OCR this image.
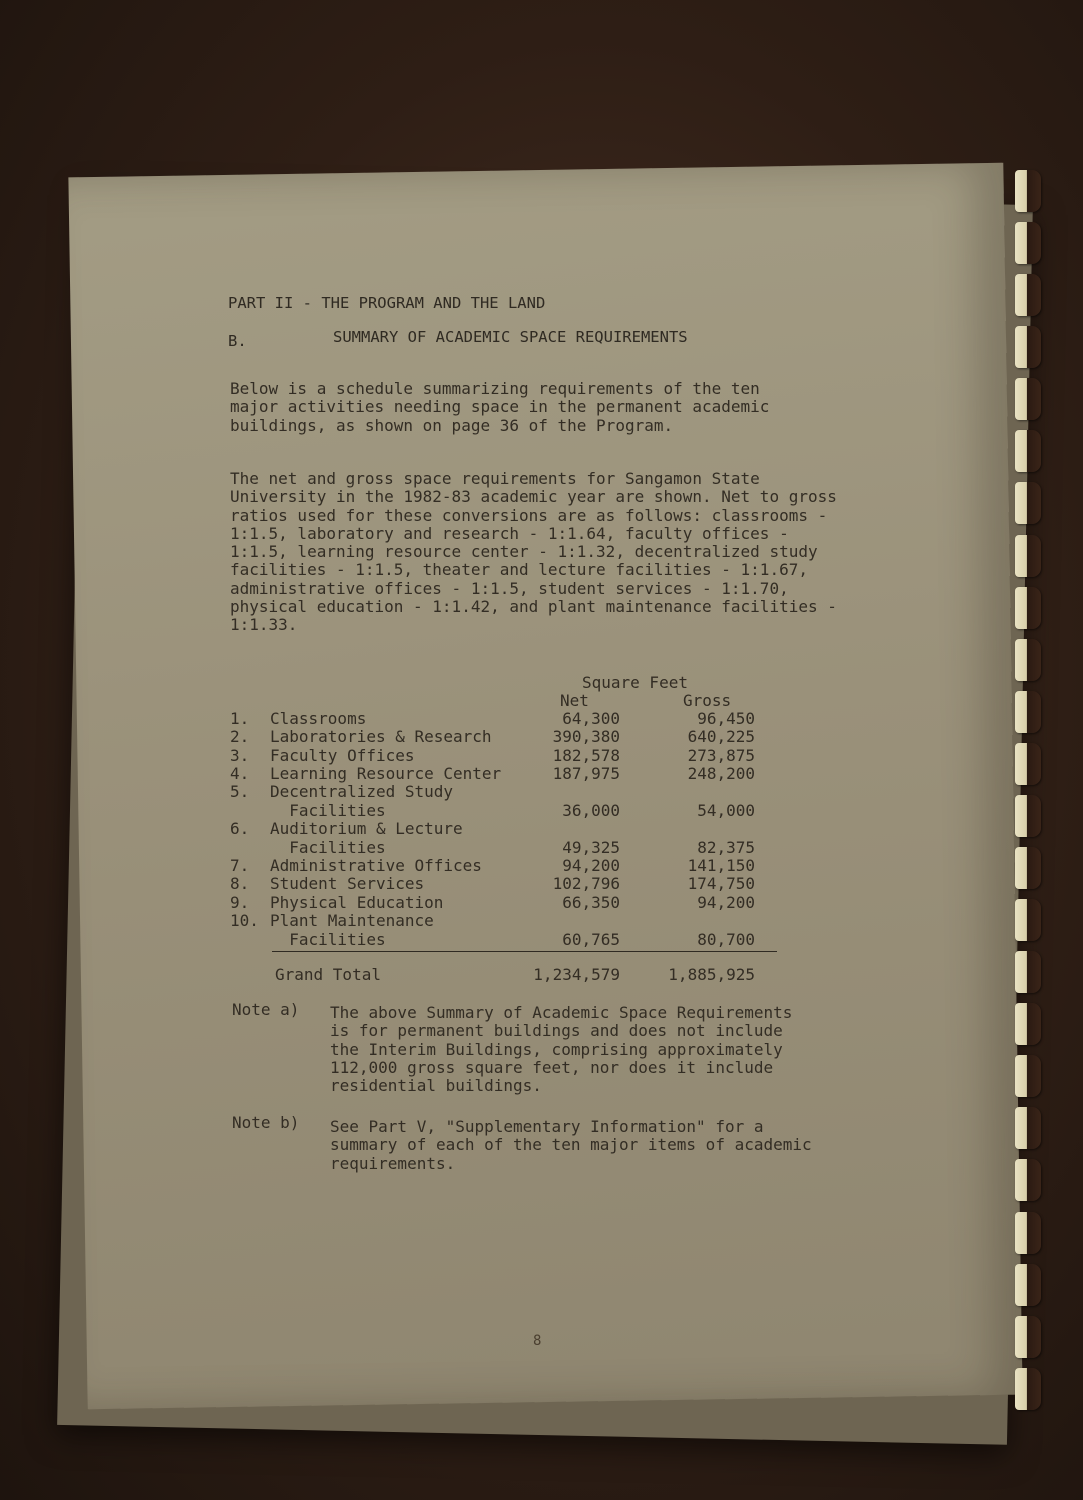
PART II - THE PROGRAM AND THE LAND
B.	SUMMARY OF ACADEMIC SPACE REQUIREMENTS
Below is a schedule summarizing requirements of the ten major activities needing space in the permanent academic buildings, as shown on page 36 of the Program.
The net and gross space requirements for Sangamon State University in the 1982-83 academic year are shown. Net to gross ratios used for these conversions are as follows: classrooms - 1:1.5, laboratory and research - 1:1.64, faculty offices - 1:1.5, learning resource center - 1:1.32, decentralized study facilities - 1:1.5, theater and lecture facilities - 1:1.67, administrative offices - 1:1.5, student services - 1:1.70, physical education - 1:1.42, and plant maintenance facilities - 1:1.33.
Square Feet
Net	Gross
1. Classrooms	64,300	96,450
2. Laboratories & Research	390,380	640,225
3. Faculty Offices	182,578	273,875
4. Learning Resource Center	187,975	248,200
5. Decentralized Study
Facilities	36,000	54,000
6. Auditorium & Lecture
Facilities	49,325	82,375
7. Administrative Offices	94,200	141,150
8. Student Services	102,796	174,750
9. Physical Education	66,350	94,200
10. Plant Maintenance
Facilities	60,765	80,700
Grand Total	1,234,579	1,885,925
Note a) The above Summary of Academic Space Requirements is for permanent buildings and does not include the Interim Buildings, comprising approximately 112,000 gross square feet, nor does it include residential buildings.
Note b) See Part V, "Supplementary Information" for a summary of each of the ten major items of academic requirements.
8
